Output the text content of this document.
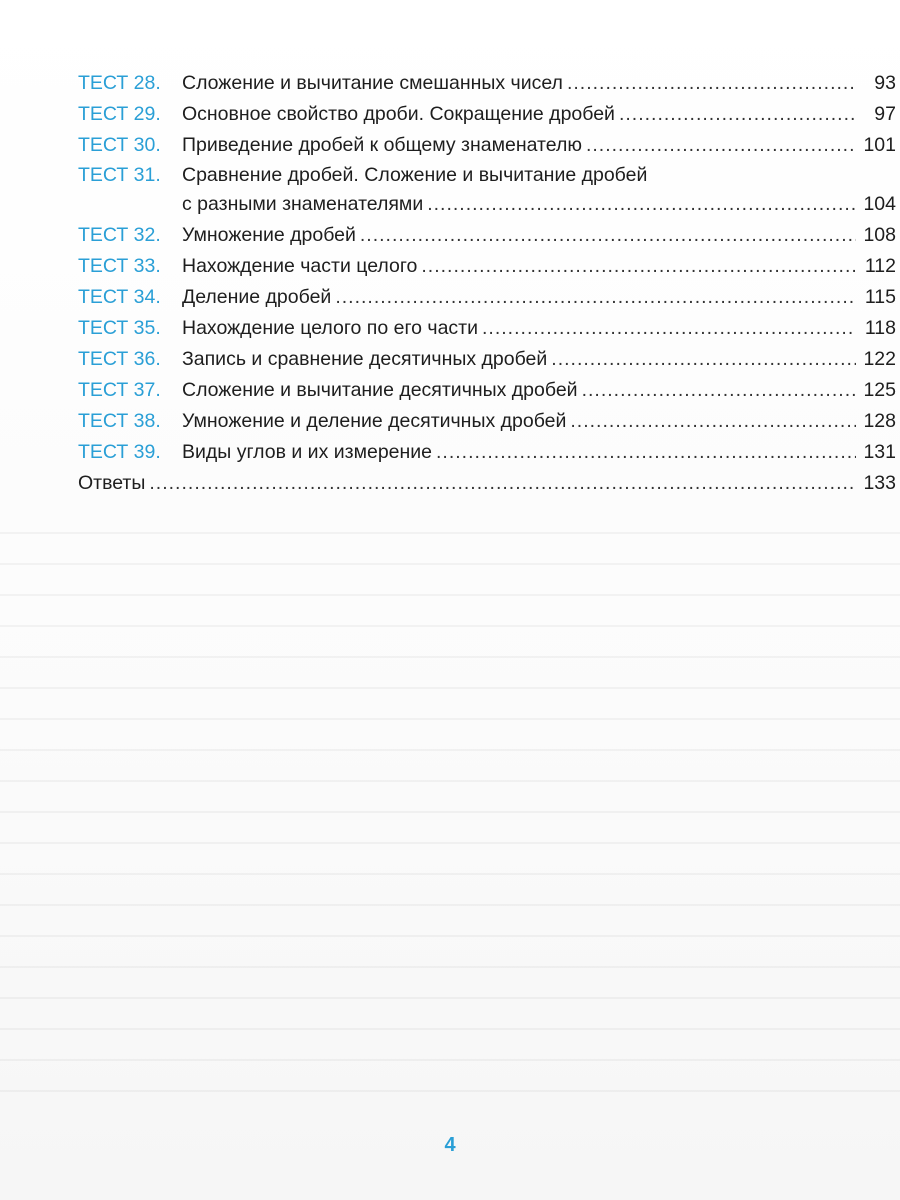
ТЕСТ 28.	Сложение и вычитание смешанных чисел .....	93
ТЕСТ 29.	Основное свойство дроби. Сокращение дробей .....	97
ТЕСТ 30.	Приведение дробей к общему знаменателю .....	101
ТЕСТ 31.	Сравнение дробей. Сложение и вычитание дробей
с разными знаменателями .....	104
ТЕСТ 32.	Умножение дробей .....	108
ТЕСТ 33.	Нахождение части целого .....	112
ТЕСТ 34.	Деление дробей .....	115
ТЕСТ 35.	Нахождение целого по его части .....	118
ТЕСТ 36.	Запись и сравнение десятичных дробей .....	122
ТЕСТ 37.	Сложение и вычитание десятичных дробей .....	125
ТЕСТ 38.	Умножение и деление десятичных дробей .....	128
ТЕСТ 39.	Виды углов и их измерение .....	131
Ответы .....	133
4
